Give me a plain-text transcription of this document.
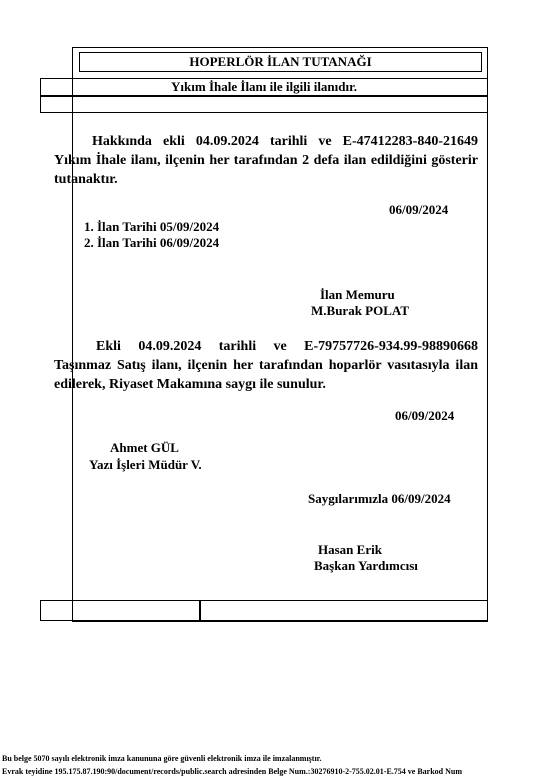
HOPERLÖR İLAN TUTANAĞI
Yıkım İhale İlanı ile ilgili ilanıdır.
Hakkında ekli 04.09.2024 tarihli ve E-47412283-840-21649 Yıkım İhale ilanı, ilçenin her tarafından 2 defa ilan edildiğini gösterir tutanaktır.
06/09/2024
1. İlan Tarihi 05/09/2024
2. İlan Tarihi 06/09/2024
İlan Memuru
M.Burak POLAT
Ekli 04.09.2024 tarihli ve E-79757726-934.99-98890668 Taşınmaz Satış ilanı, ilçenin her tarafından hoparlör vasıtasıyla ilan edilerek, Riyaset Makamına saygı ile sunulur.
06/09/2024
Ahmet GÜL
Yazı İşleri Müdür V.
Saygılarımızla 06/09/2024
Hasan Erik
Başkan Yardımcısı
Bu belge 5070 sayılı elektronik imza kanununa göre güvenli elektronik imza ile imzalanmıştır.
Evrak teyidine 195.175.87.190:90/document/records/public.search adresinden Belge Num.:30276910-2-755.02.01-E.754 ve Barkod Num
